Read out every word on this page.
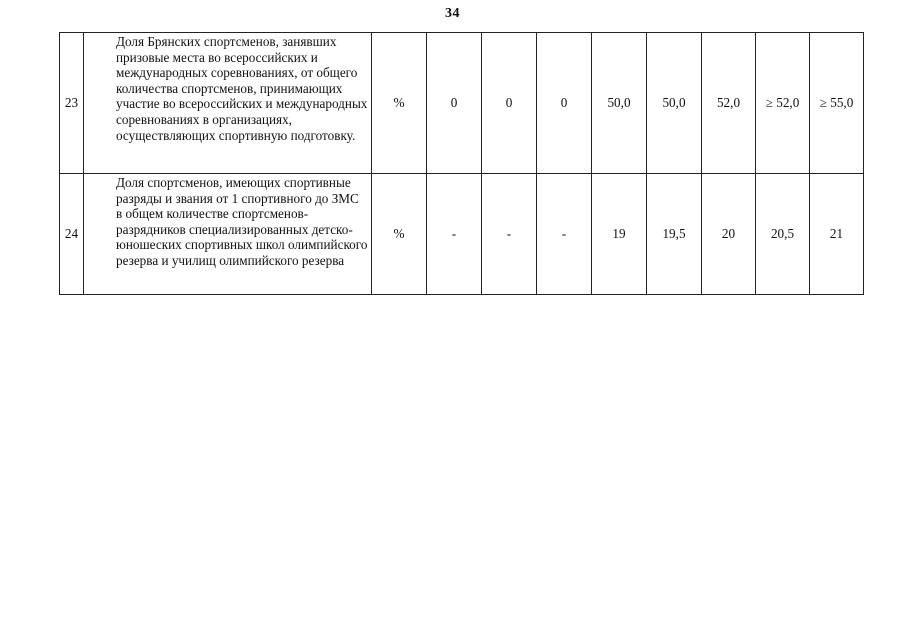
34
23	Доля Брянских спортсменов, занявших призовые места во всероссийских и международных соревнованиях, от общего количества спортсменов, принимающих участие во всероссийских и международных соревнованиях в организациях, осуществляющих спортивную подготовку.	%	0	0	0	50,0	50,0	52,0	≥ 52,0	≥ 55,0
24	Доля спортсменов, имеющих спортивные разряды и звания от 1 спортивного до ЗМС в общем количестве спортсменов-разрядников специализированных детско-юношеских спортивных школ олимпийского резерва и училищ олимпийского резерва	%	-	-	-	19	19,5	20	20,5	21
